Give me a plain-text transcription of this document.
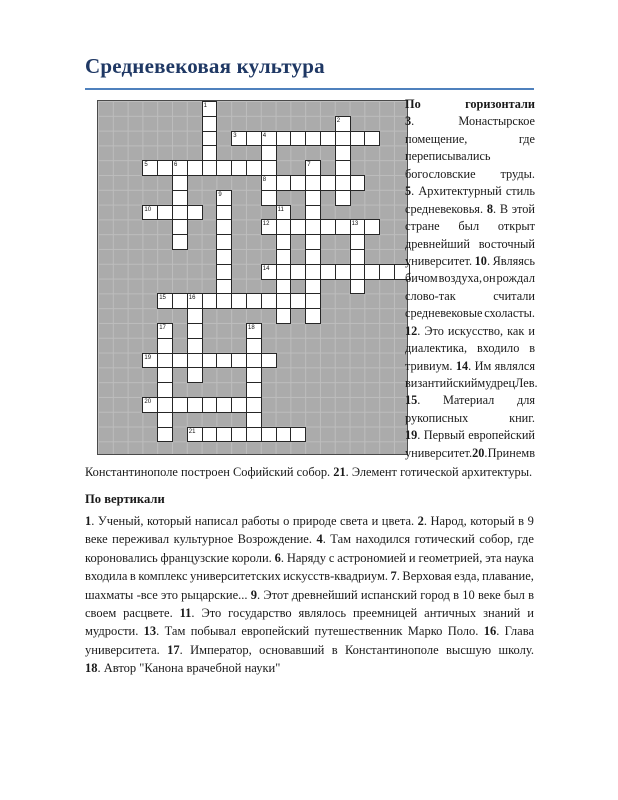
Средневековая культура
1
2
3	4
5	6	7
8
9
10	11
12	13
14
15	16
17	18
19
20
21
По	горизонтали
3.	Монастырское
помещение,	где
переписывались
богословские труды.
5. Архитектурный стиль
средневековья. 8. В этой
стране был открыт
древнейший восточный
университет. 10. Являясь
бичом воздуха, он рождал
слово-так	считали
средневековые схоласты.
12. Это искусство, как и
диалектика, входило в
тривиум. 14. Им являлся
византийский мудрец Лев.
15. Материал для
рукописных	книг.
19. Первый европейский
университет. 20. При нем в
Константинополе построен Софийский собор. 21. Элемент готической архитектуры.
По вертикали
1. Ученый, который написал работы о природе света и цвета. 2. Народ, который в 9
веке переживал культурное Возрождение. 4. Там находился готический собор, где
короновались французские короли. 6. Наряду с астрономией и геометрией, эта наука
входила в комплекс университетских искусств-квадриум. 7. Верховая езда, плавание,
шахматы -все это рыцарские... 9. Этот древнейший испанский город в 10 веке был в
своем расцвете. 11. Это государство являлось преемницей античных знаний и
мудрости. 13. Там побывал европейский путешественник Марко Поло. 16. Глава
университета. 17. Император, основавший в Константинополе высшую школу.
18. Автор "Канона врачебной науки"
